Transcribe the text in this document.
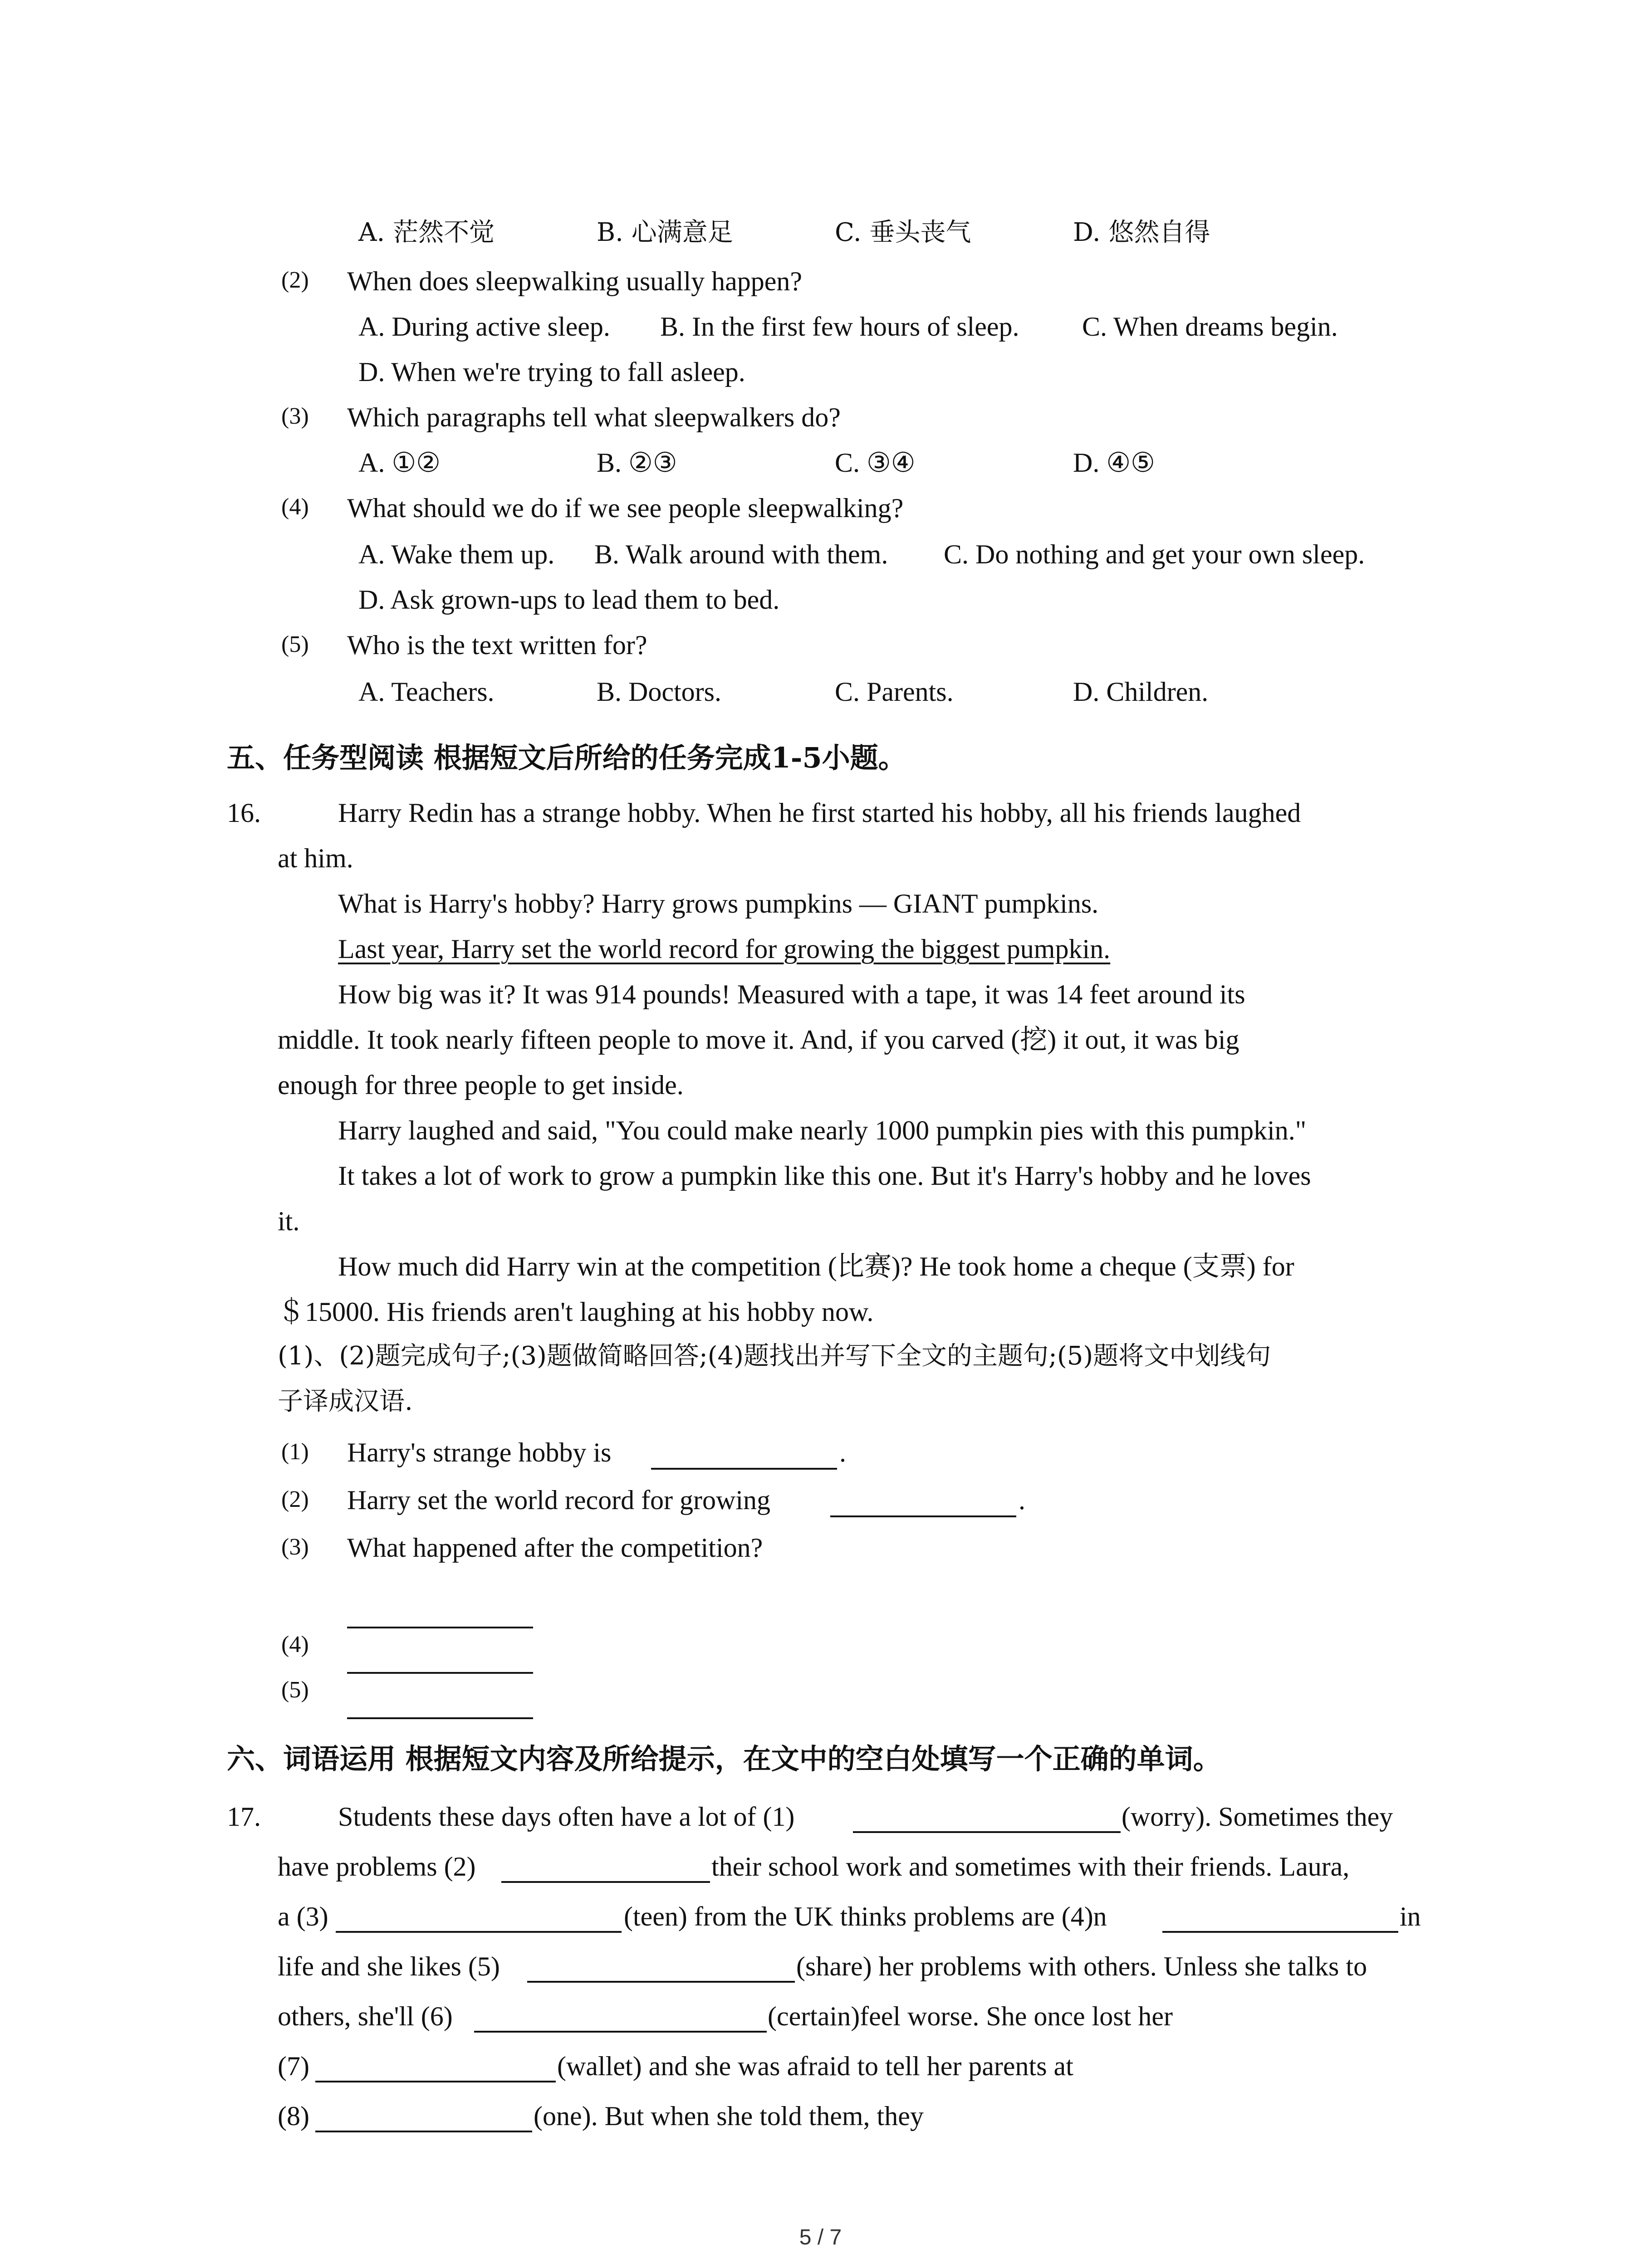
A. 茫然不觉	B. 心满意足	C. 垂头丧气	D. 悠然自得
(2) When does sleepwalking usually happen?
A. During active sleep. B. In the first few hours of sleep. C. When dreams begin.
D. When we're trying to fall asleep.
(3) Which paragraphs tell what sleepwalkers do?
A. ①②	B. ②③	C. ③④	D. ④⑤
(4) What should we do if we see people sleepwalking?
A. Wake them up. B. Walk around with them. C. Do nothing and get your own sleep.
D. Ask grown-ups to lead them to bed.
(5) Who is the text written for?
A. Teachers.	B. Doctors.	C. Parents.	D. Children.
五、任务型阅读 根据短文后所给的任务完成1-5小题。
16.	Harry Redin has a strange hobby. When he first started his hobby, all his friends laughed
at him.
What is Harry's hobby? Harry grows pumpkins — GIANT pumpkins.
Last year, Harry set the world record for growing the biggest pumpkin.
How big was it? It was 914 pounds! Measured with a tape, it was 14 feet around its
middle. It took nearly fifteen people to move it. And, if you carved (挖) it out, it was big
enough for three people to get inside.
Harry laughed and said, "You could make nearly 1000 pumpkin pies with this pumpkin."
It takes a lot of work to grow a pumpkin like this one. But it's Harry's hobby and he loves
it.
How much did Harry win at the competition (比赛)? He took home a cheque (支票) for
＄15000. His friends aren't laughing at his hobby now.
(1)、(2)题完成句子;(3)题做简略回答;(4)题找出并写下全文的主题句;(5)题将文中划线句
子译成汉语.
(1) Harry's strange hobby is	.
(2) Harry set the world record for growing	.
(3) What happened after the competition?
(4)
(5)
六、词语运用 根据短文内容及所给提示，在文中的空白处填写一个正确的单词。
17.	Students these days often have a lot of (1)	(worry). Sometimes they
have problems (2)	their school work and sometimes with their friends. Laura,
a (3)	(teen) from the UK thinks problems are (4)n	in
life and she likes (5)	(share) her problems with others. Unless she talks to
others, she'll (6)	(certain)feel worse. She once lost her
(7)	(wallet) and she was afraid to tell her parents at
(8)	(one). But when she told them, they
5 / 7
